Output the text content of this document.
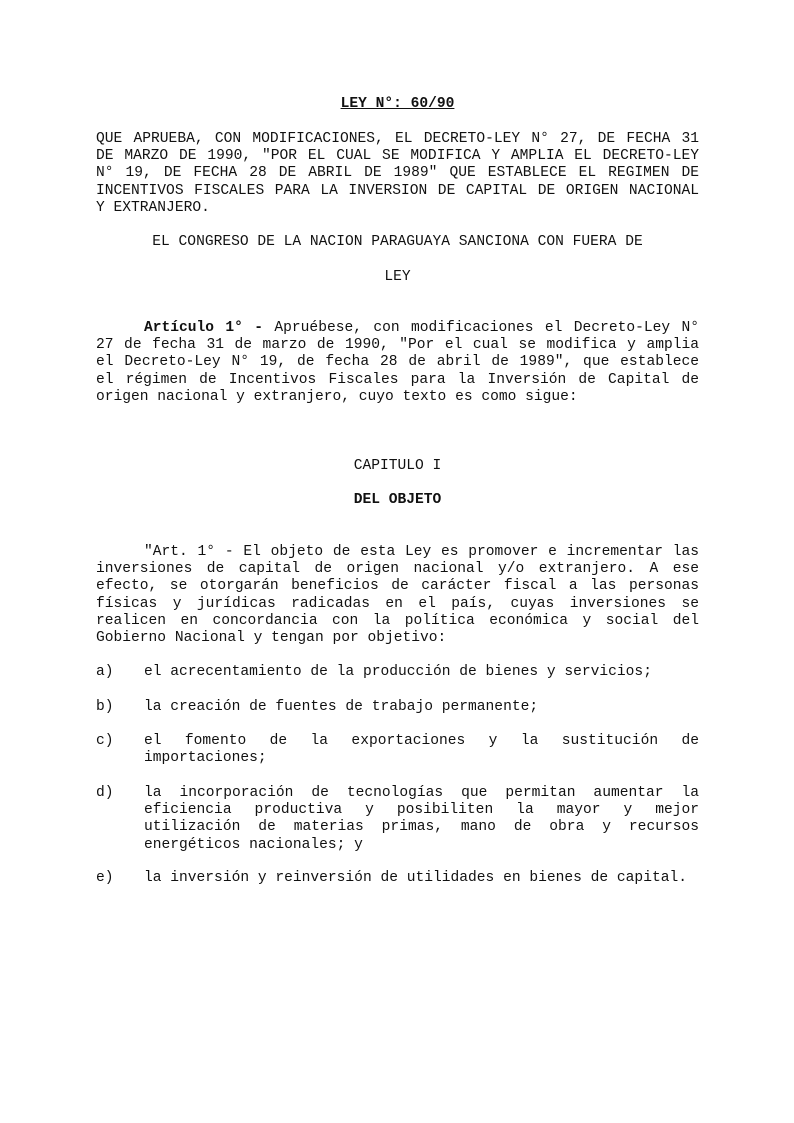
LEY N°: 60/90

QUE APRUEBA, CON MODIFICACIONES, EL DECRETO-LEY N° 27, DE FECHA 31 DE MARZO DE 1990, "POR EL CUAL SE MODIFICA Y AMPLIA EL DECRETO-LEY N° 19, DE FECHA 28 DE ABRIL DE 1989" QUE ESTABLECE EL REGIMEN DE INCENTIVOS FISCALES PARA LA INVERSION DE CAPITAL DE ORIGEN NACIONAL Y EXTRANJERO.

EL CONGRESO DE LA NACION PARAGUAYA SANCIONA CON FUERA DE
LEY

Artículo 1° - Apruébese, con modificaciones el Decreto-Ley N° 27 de fecha 31 de marzo de 1990, "Por el cual se modifica y amplia el Decreto-Ley N° 19, de fecha 28 de abril de 1989", que establece el régimen de Incentivos Fiscales para la Inversión de Capital de origen nacional y extranjero, cuyo texto es como sigue:

CAPITULO I
DEL OBJETO

"Art. 1° - El objeto de esta Ley es promover e incrementar las inversiones de capital de origen nacional y/o extranjero. A ese efecto, se otorgarán beneficios de carácter fiscal a las personas físicas y jurídicas radicadas en el país, cuyas inversiones se realicen en concordancia con la política económica y social del Gobierno Nacional y tengan por objetivo:

a) el acrecentamiento de la producción de bienes y servicios;
b) la creación de fuentes de trabajo permanente;
c) el fomento de la exportaciones y la sustitución de importaciones;
d) la incorporación de tecnologías que permitan aumentar la eficiencia productiva y posibiliten la mayor y mejor utilización de materias primas, mano de obra y recursos energéticos nacionales; y
e) la inversión y reinversión de utilidades en bienes de capital.
